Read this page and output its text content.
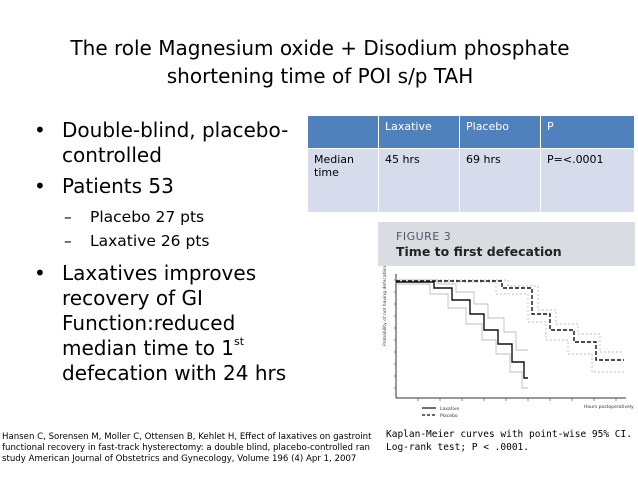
The role Magnesium oxide + Disodium phosphate
shortening time of POI s/p TAH
• Double-blind, placebo-
controlled
• Patients 53
– Placebo 27 pts
– Laxative 26 pts
• Laxatives improves
recovery of GI
Function:reduced
median time to 1st
defecation with 24 hrs
	Laxative	Placebo	P
Median time	45 hrs	69 hrs	P=<.0001
FIGURE 3
Time to first defecation
Probability of not having defecation
Laxative
Placebo
Hours postoperatively
Kaplan-Meier curves with point-wise 95% CI.
Log-rank test; P < .0001.
Hansen C, Sorensen M, Moller C, Ottensen B, Kehlet H, Effect of laxatives on gastroint
functional recovery in fast-track hysterectomy: a double blind, placebo-controlled ran
study American Journal of Obstetrics and Gynecology, Volume 196 (4) Apr 1, 2007
